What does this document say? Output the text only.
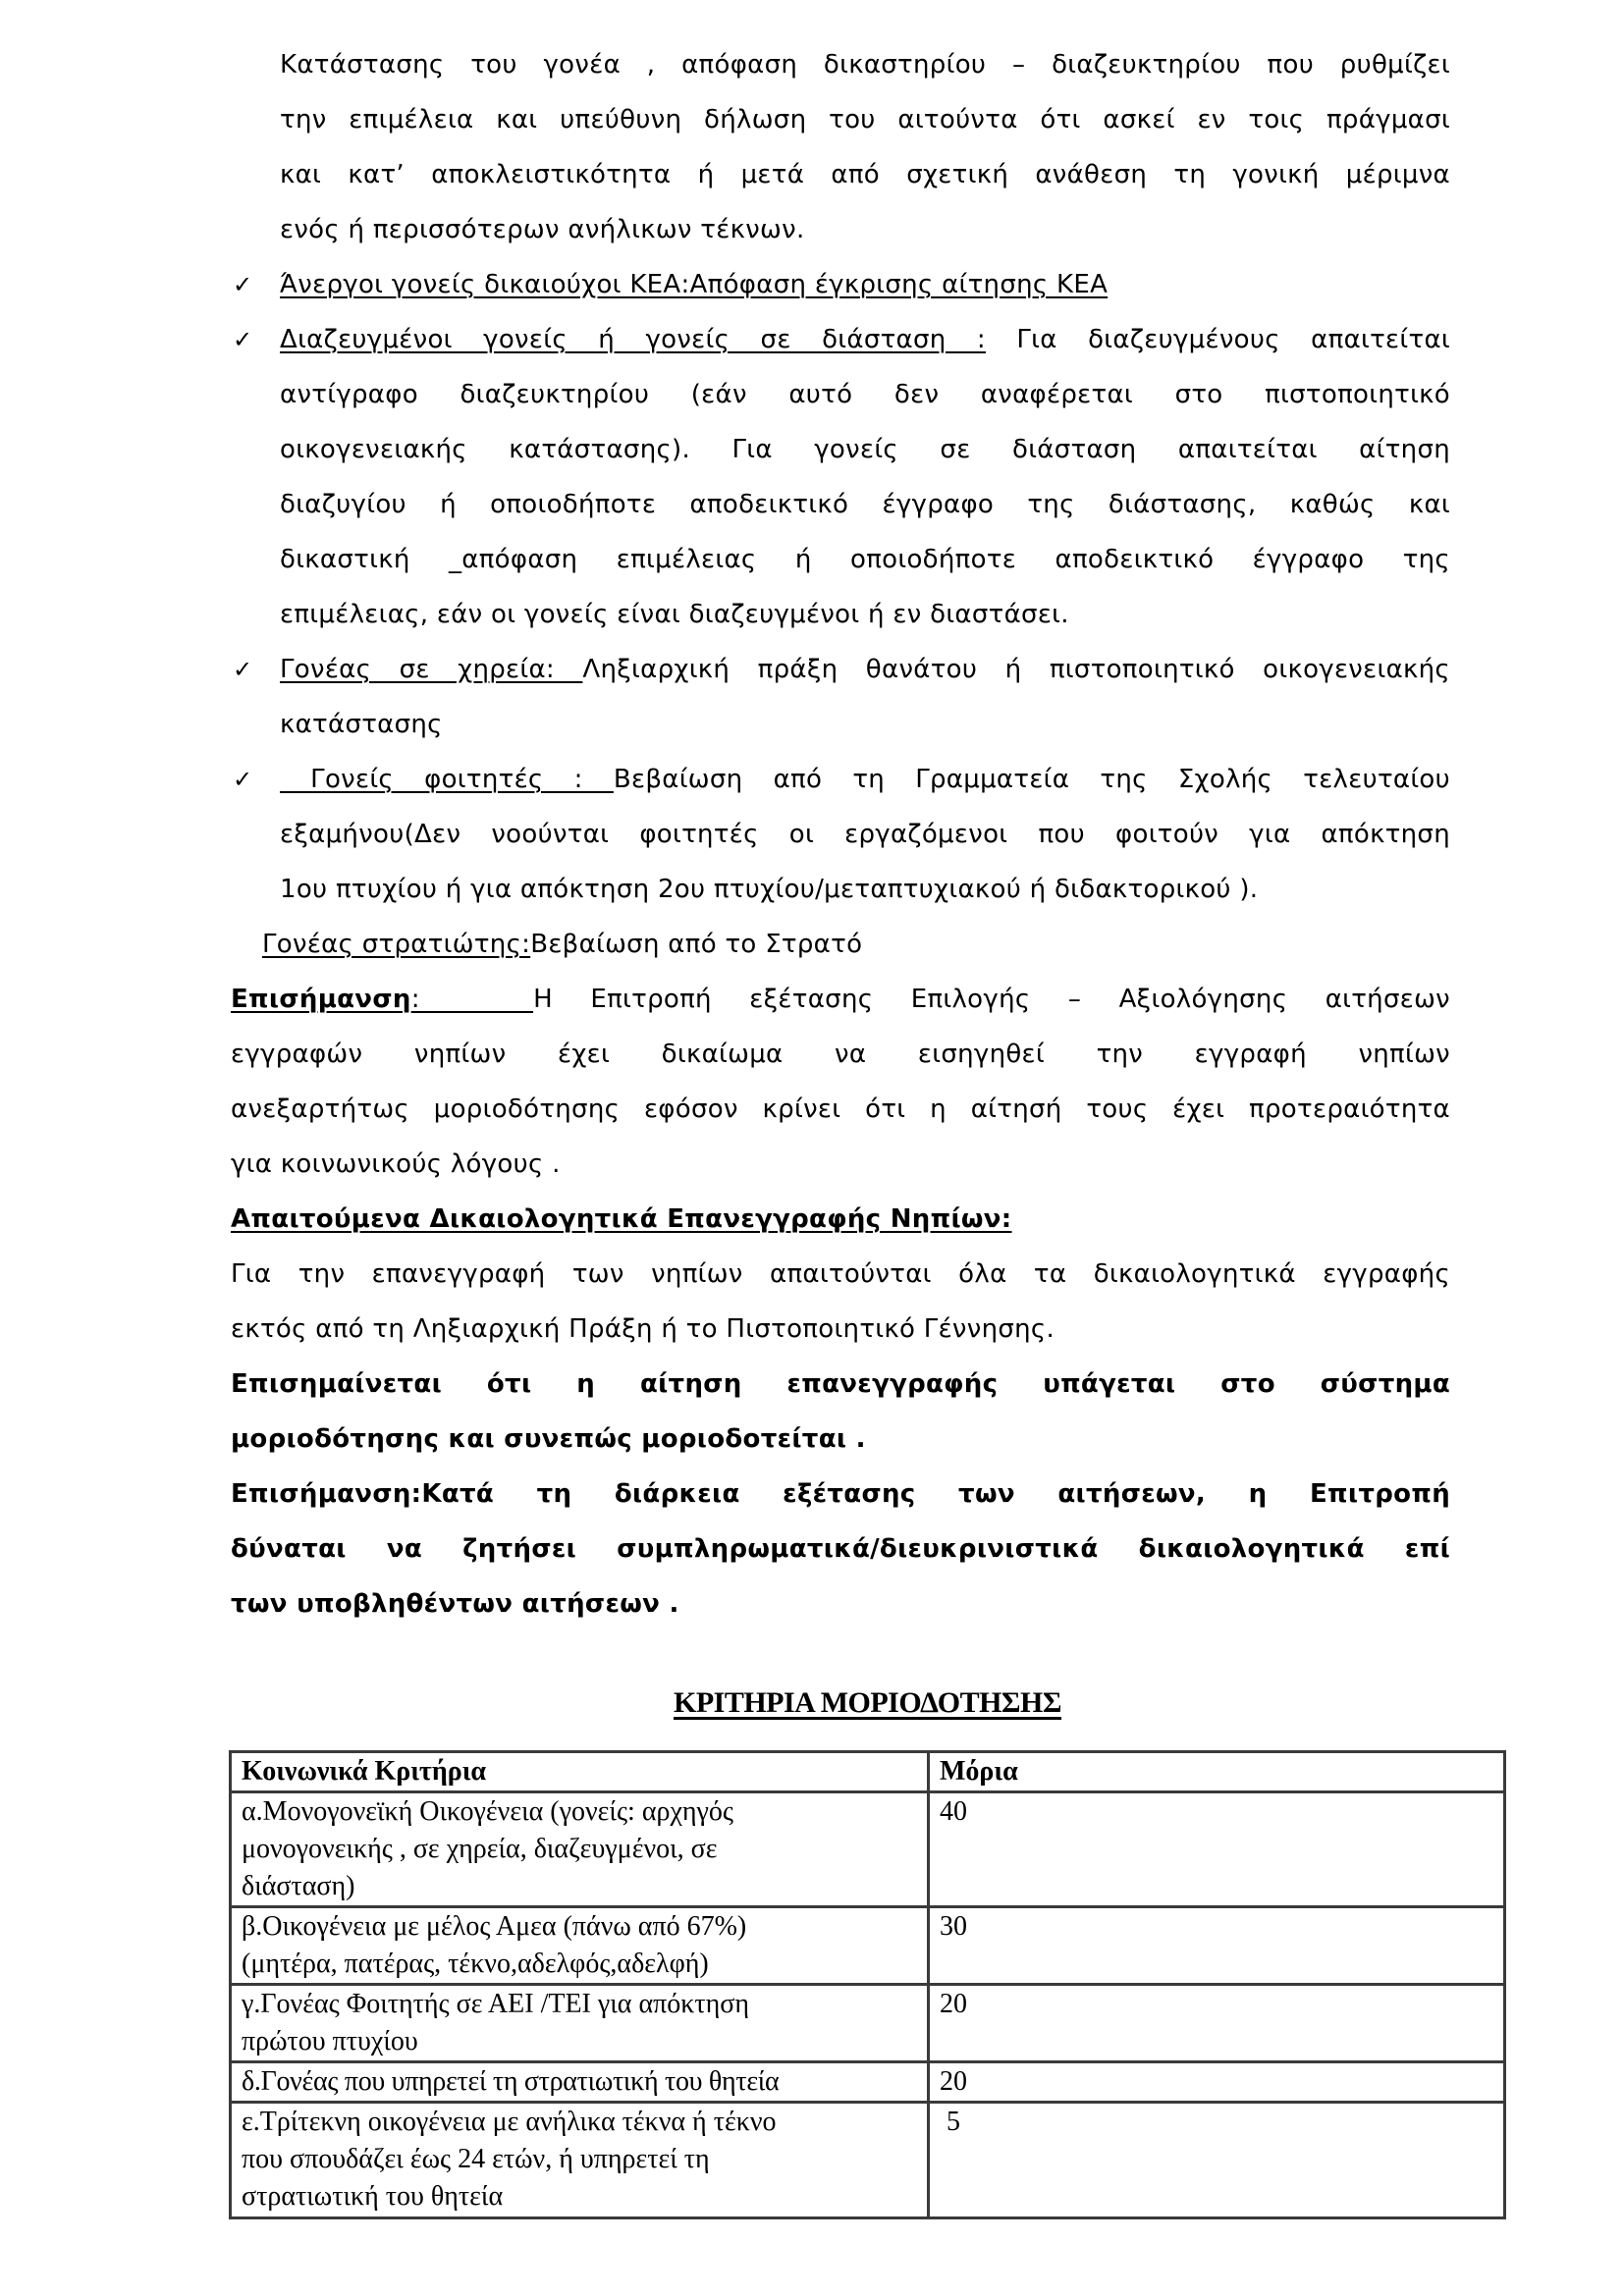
Κατάστασης του γονέα , απόφαση δικαστηρίου – διαζευκτηρίου που ρυθμίζει
την επιμέλεια και υπεύθυνη δήλωση του αιτούντα ότι ασκεί εν τοις πράγμασι
και κατ’ αποκλειστικότητα ή μετά από σχετική ανάθεση τη γονική μέριμνα
ενός ή περισσότερων ανήλικων τέκνων.
✓ Άνεργοι γονείς δικαιούχοι ΚΕΑ:Απόφαση έγκρισης αίτησης ΚΕΑ
✓ Διαζευγμένοι γονείς ή γονείς σε διάσταση : Για διαζευγμένους απαιτείται
αντίγραφο διαζευκτηρίου (εάν αυτό δεν αναφέρεται στο πιστοποιητικό
οικογενειακής κατάστασης). Για γονείς σε διάσταση απαιτείται αίτηση
διαζυγίου ή οποιοδήποτε αποδεικτικό έγγραφο της διάστασης, καθώς και
δικαστική _απόφαση επιμέλειας ή οποιοδήποτε αποδεικτικό έγγραφο της
επιμέλειας, εάν οι γονείς είναι διαζευγμένοι ή εν διαστάσει.
✓ Γονέας σε χηρεία: Ληξιαρχική πράξη θανάτου ή πιστοποιητικό οικογενειακής
κατάστασης
✓ Γονείς φοιτητές : Βεβαίωση από τη Γραμματεία της Σχολής τελευταίου
εξαμήνου(Δεν νοούνται φοιτητές οι εργαζόμενοι που φοιτούν για απόκτηση
1ου πτυχίου ή για απόκτηση 2ου πτυχίου/μεταπτυχιακού ή διδακτορικού ).
Γονέας στρατιώτης:Βεβαίωση από το Στρατό
Επισήμανση:   Η Επιτροπή εξέτασης Επιλογής – Αξιολόγησης αιτήσεων
εγγραφών νηπίων έχει δικαίωμα να εισηγηθεί την εγγραφή νηπίων
ανεξαρτήτως μοριοδότησης εφόσον κρίνει ότι η αίτησή τους έχει προτεραιότητα
για κοινωνικούς λόγους .
Απαιτούμενα Δικαιολογητικά Επανεγγραφής Νηπίων:
Για την επανεγγραφή των νηπίων απαιτούνται όλα τα δικαιολογητικά εγγραφής
εκτός από τη Ληξιαρχική Πράξη ή το Πιστοποιητικό Γέννησης.
Επισημαίνεται ότι η αίτηση επανεγγραφής υπάγεται στο σύστημα
μοριοδότησης και συνεπώς μοριοδοτείται .
Επισήμανση:Κατά τη διάρκεια εξέτασης των αιτήσεων, η Επιτροπή
δύναται να ζητήσει συμπληρωματικά/διευκρινιστικά δικαιολογητικά επί
των υποβληθέντων αιτήσεων .
ΚΡΙΤΗΡΙΑ ΜΟΡΙΟΔΟΤΗΣΗΣ
Κοινωνικά Κριτήρια	Μόρια

α.Μονογονεϊκή Οικογένεια (γονείς: αρχηγός
μονογονεικής , σε χηρεία, διαζευγμένοι, σε
διάσταση)	40

β.Οικογένεια με μέλος Αμεα (πάνω από 67%)
(μητέρα, πατέρας, τέκνο,αδελφός,αδελφή)	30

γ.Γονέας Φοιτητής σε ΑΕΙ /ΤΕΙ για απόκτηση
πρώτου πτυχίου	20

δ.Γονέας που υπηρετεί τη στρατιωτική του θητεία	20

ε.Τρίτεκνη οικογένεια με ανήλικα τέκνα ή τέκνο
που σπουδάζει έως 24 ετών, ή υπηρετεί τη
στρατιωτική του θητεία	5
